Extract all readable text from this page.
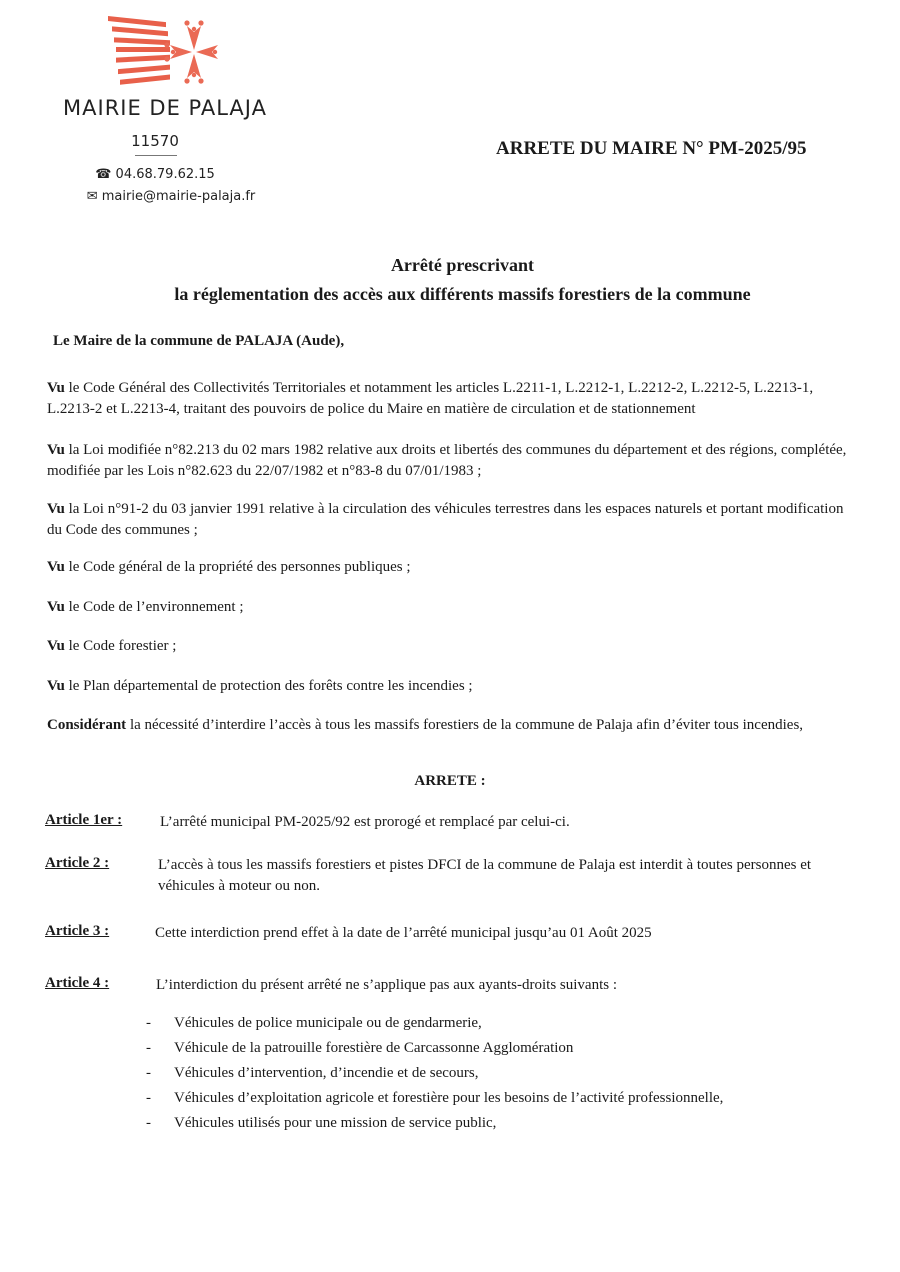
MAIRIE DE PALAJA
11570
☎ 04.68.79.62.15
✉ mairie@mairie-palaja.fr
ARRETE DU MAIRE N° PM-2025/95
Arrêté prescrivant
la réglementation des accès aux différents massifs forestiers de la commune
Le Maire de la commune de PALAJA (Aude),
Vu le Code Général des Collectivités Territoriales et notamment les articles L.2211-1, L.2212-1, L.2212-2, L.2212-5, L.2213-1, L.2213-2 et L.2213-4, traitant des pouvoirs de police du Maire en matière de circulation et de stationnement
Vu la Loi modifiée n°82.213 du 02 mars 1982 relative aux droits et libertés des communes du département et des régions, complétée, modifiée par les Lois n°82.623 du 22/07/1982 et n°83-8 du 07/01/1983 ;
Vu la Loi n°91-2 du 03 janvier 1991 relative à la circulation des véhicules terrestres dans les espaces naturels et portant modification du Code des communes ;
Vu le Code général de la propriété des personnes publiques ;
Vu le Code de l’environnement ;
Vu le Code forestier ;
Vu le Plan départemental de protection des forêts contre les incendies ;
Considérant la nécessité d’interdire l’accès à tous les massifs forestiers de la commune de Palaja afin d’éviter tous incendies,
ARRETE :
Article 1er :	L’arrêté municipal PM-2025/92 est prorogé et remplacé par celui-ci.
Article 2 :	L’accès à tous les massifs forestiers et pistes DFCI de la commune de Palaja est interdit à toutes personnes et véhicules à moteur ou non.
Article 3 :	Cette interdiction prend effet à la date de l’arrêté municipal jusqu’au 01 Août 2025
Article 4 :	L’interdiction du présent arrêté ne s’applique pas aux ayants-droits suivants :
- Véhicules de police municipale ou de gendarmerie,
- Véhicule de la patrouille forestière de Carcassonne Agglomération
- Véhicules d’intervention, d’incendie et de secours,
- Véhicules d’exploitation agricole et forestière pour les besoins de l’activité professionnelle,
- Véhicules utilisés pour une mission de service public,
